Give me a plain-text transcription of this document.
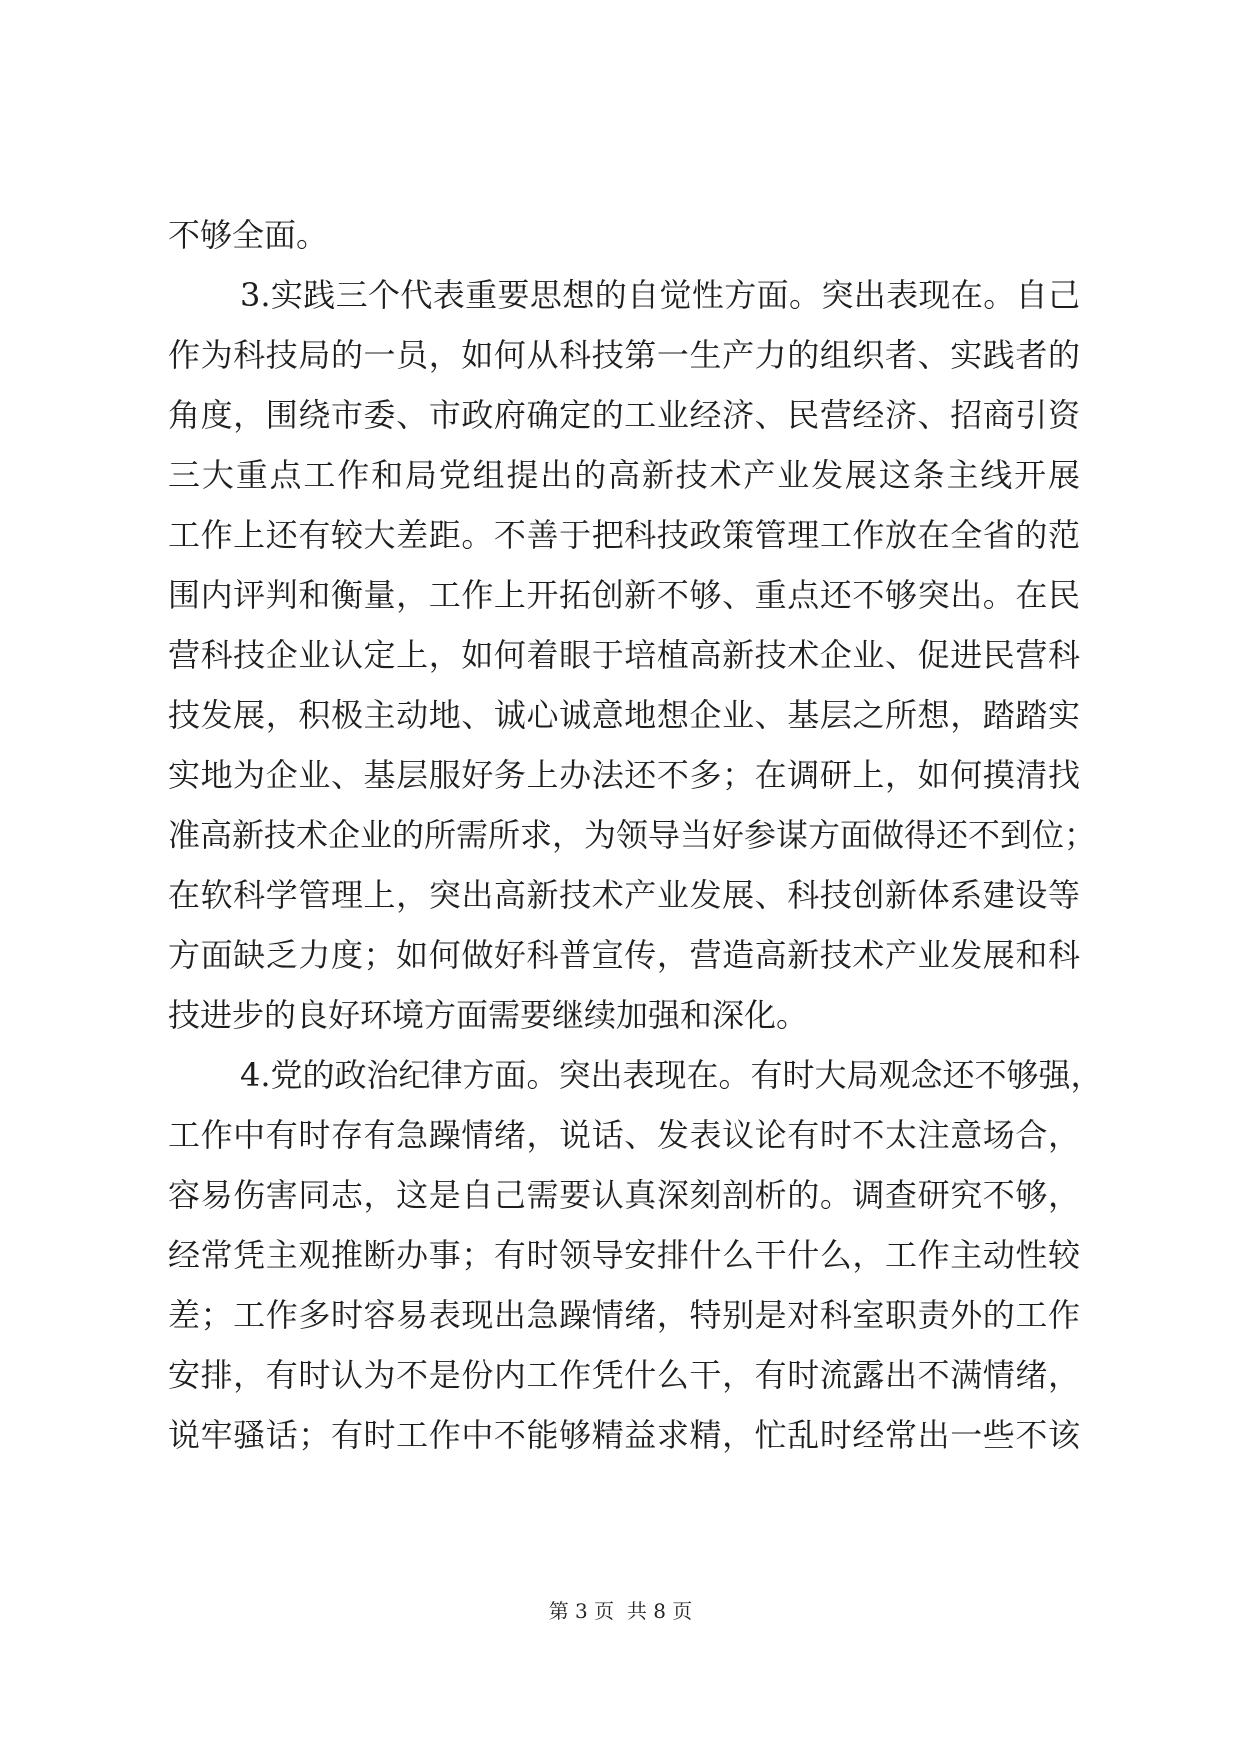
不够全面。
3.实践三个代表重要思想的自觉性方面。突出表现在。自己
作为科技局的一员，如何从科技第一生产力的组织者、实践者的
角度，围绕市委、市政府确定的工业经济、民营经济、招商引资
三大重点工作和局党组提出的高新技术产业发展这条主线开展
工作上还有较大差距。不善于把科技政策管理工作放在全省的范
围内评判和衡量，工作上开拓创新不够、重点还不够突出。在民
营科技企业认定上，如何着眼于培植高新技术企业、促进民营科
技发展，积极主动地、诚心诚意地想企业、基层之所想，踏踏实
实地为企业、基层服好务上办法还不多；在调研上，如何摸清找
准高新技术企业的所需所求，为领导当好参谋方面做得还不到位；
在软科学管理上，突出高新技术产业发展、科技创新体系建设等
方面缺乏力度；如何做好科普宣传，营造高新技术产业发展和科
技进步的良好环境方面需要继续加强和深化。
4.党的政治纪律方面。突出表现在。有时大局观念还不够强，
工作中有时存有急躁情绪，说话、发表议论有时不太注意场合，
容易伤害同志，这是自己需要认真深刻剖析的。调查研究不够，
经常凭主观推断办事；有时领导安排什么干什么，工作主动性较
差；工作多时容易表现出急躁情绪，特别是对科室职责外的工作
安排，有时认为不是份内工作凭什么干，有时流露出不满情绪，
说牢骚话；有时工作中不能够精益求精，忙乱时经常出一些不该
第 3 页  共 8 页
